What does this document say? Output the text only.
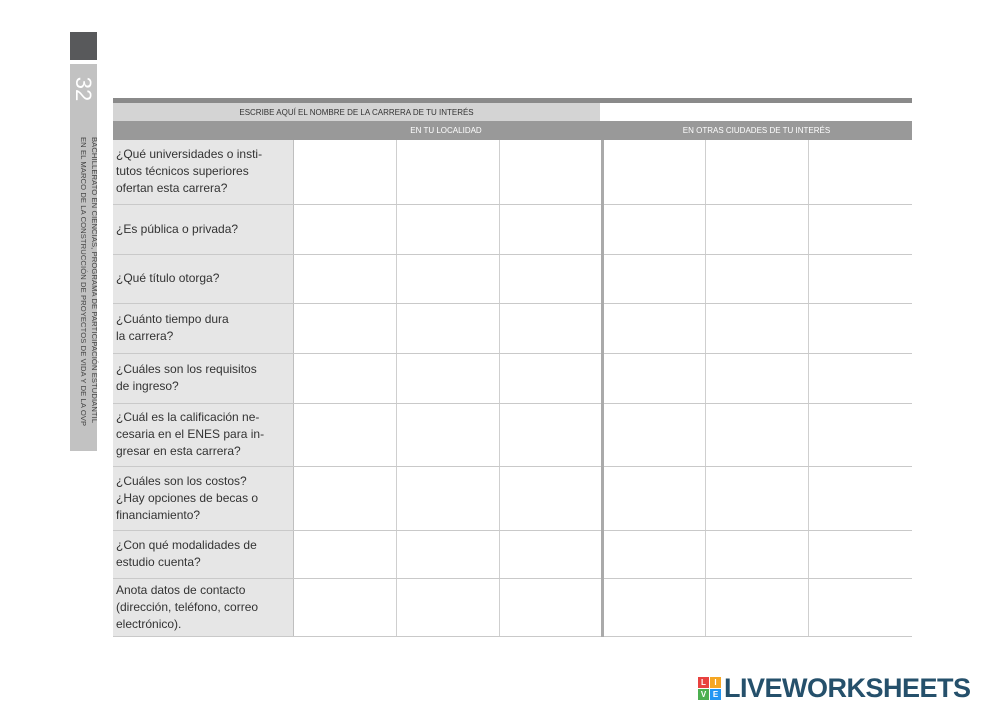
32
BACHILLERATO EN CIENCIAS, PROGRAMA DE PARTICIPACIÓN ESTUDIANTIL
EN EL MARCO DE LA CONSTRUCCIÓN DE PROYECTOS DE VIDA Y DE LA OVP
ESCRIBE AQUÍ EL NOMBRE DE LA CARRERA DE TU INTERÉS
EN TU LOCALIDAD	EN OTRAS CIUDADES DE TU INTERÉS
¿Qué universidades o insti-
tutos técnicos superiores
ofertan esta carrera?						

¿Es pública o privada?						

¿Qué título otorga?						

¿Cuánto tiempo dura
la carrera?						

¿Cuáles son los requisitos
de ingreso?						

¿Cuál es la calificación ne-
cesaria en el ENES para in-
gresar en esta carrera?						

¿Cuáles son los costos?
¿Hay opciones de becas o
financiamiento?						

¿Con qué modalidades de
estudio cuenta?						

Anota datos de contacto
(dirección, teléfono, correo
electrónico).						

L	I
V E LIVEWORKSHEETS
